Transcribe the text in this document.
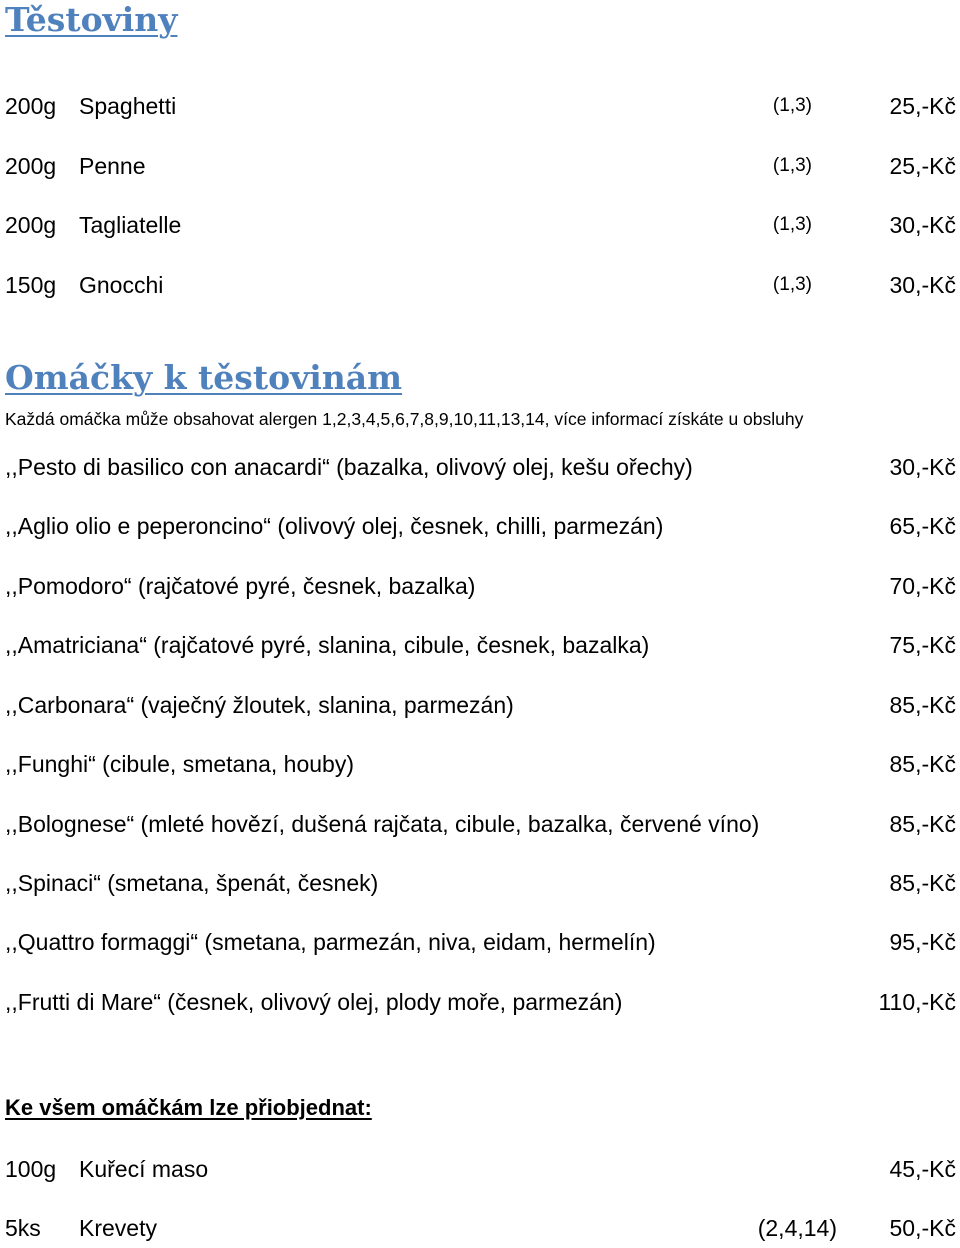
Těstoviny
200g Spaghetti	(1,3)	25,-Kč
200g Penne	(1,3)	25,-Kč
200g Tagliatelle	(1,3)	30,-Kč
150g Gnocchi	(1,3)	30,-Kč
Omáčky k těstovinám
Každá omáčka může obsahovat alergen 1,2,3,4,5,6,7,8,9,10,11,13,14, více informací získáte u obsluhy
,,Pesto di basilico con anacardi“ (bazalka, olivový olej, kešu ořechy)	30,-Kč
,,Aglio olio e peperoncino“ (olivový olej, česnek, chilli, parmezán)	65,-Kč
,,Pomodoro“ (rajčatové pyré, česnek, bazalka)	70,-Kč
,,Amatriciana“ (rajčatové pyré, slanina, cibule, česnek, bazalka)	75,-Kč
,,Carbonara“ (vaječný žloutek, slanina, parmezán)	85,-Kč
,,Funghi“ (cibule, smetana, houby)	85,-Kč
,,Bolognese“ (mleté hovězí, dušená rajčata, cibule, bazalka, červené víno)	85,-Kč
,,Spinaci“ (smetana, špenát, česnek)	85,-Kč
,,Quattro formaggi“ (smetana, parmezán, niva, eidam, hermelín)	95,-Kč
,,Frutti di Mare“ (česnek, olivový olej, plody moře, parmezán)	110,-Kč
Ke všem omáčkám lze přiobjednat:
100g Kuřecí maso	45,-Kč
5ks Krevety	(2,4,14) 50,-Kč
